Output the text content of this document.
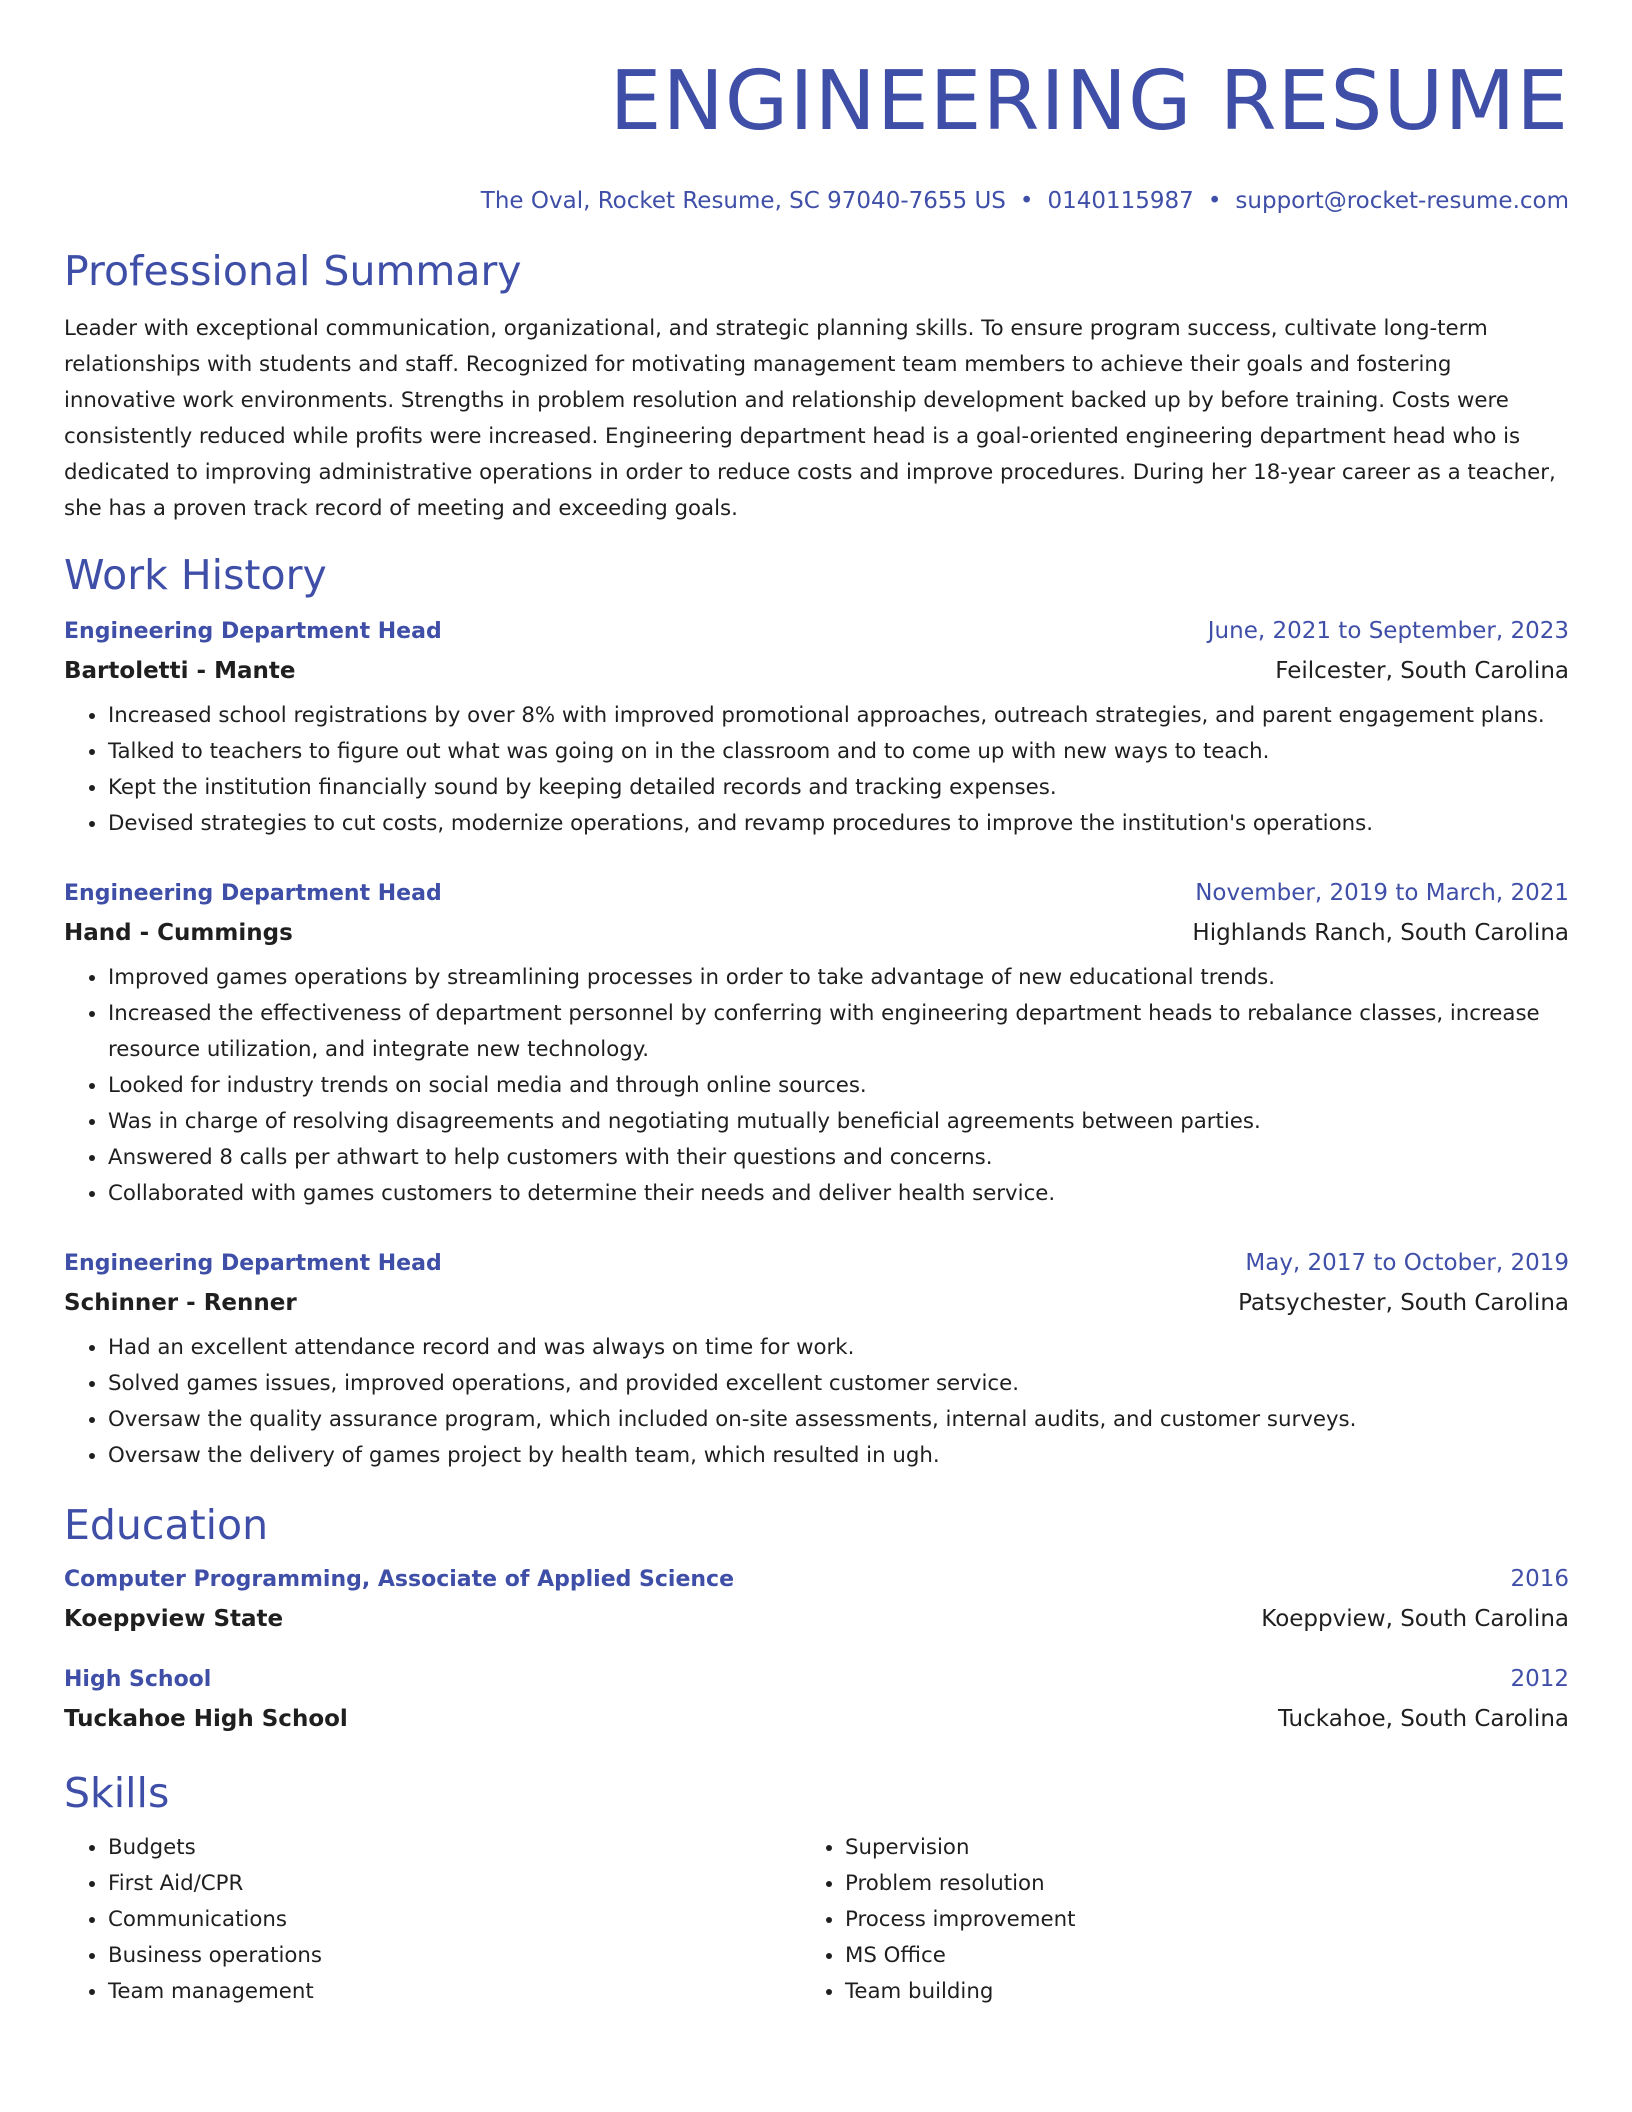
ENGINEERING RESUME
The Oval, Rocket Resume, SC 97040-7655 US • 0140115987 • support@rocket-resume.com
Professional Summary

Leader with exceptional communication, organizational, and strategic planning skills. To ensure program success, cultivate long-term relationships with students and staff. Recognized for motivating management team members to achieve their goals and fostering innovative work environments. Strengths in problem resolution and relationship development backed up by before training. Costs were consistently reduced while profits were increased. Engineering department head is a goal-oriented engineering department head who is dedicated to improving administrative operations in order to reduce costs and improve procedures. During her 18-year career as a teacher, she has a proven track record of meeting and exceeding goals.

Work History
Engineering Department Head	June, 2021 to September, 2023
Bartoletti - Mante	Feilcester, South Carolina
• Increased school registrations by over 8% with improved promotional approaches, outreach strategies, and parent engagement plans.
• Talked to teachers to figure out what was going on in the classroom and to come up with new ways to teach.
• Kept the institution financially sound by keeping detailed records and tracking expenses.
• Devised strategies to cut costs, modernize operations, and revamp procedures to improve the institution's operations.
Engineering Department Head	November, 2019 to March, 2021
Hand - Cummings	Highlands Ranch, South Carolina
• Improved games operations by streamlining processes in order to take advantage of new educational trends.
• Increased the effectiveness of department personnel by conferring with engineering department heads to rebalance classes, increase resource utilization, and integrate new technology.
• Looked for industry trends on social media and through online sources.
• Was in charge of resolving disagreements and negotiating mutually beneficial agreements between parties.
• Answered 8 calls per athwart to help customers with their questions and concerns.
• Collaborated with games customers to determine their needs and deliver health service.
Engineering Department Head	May, 2017 to October, 2019
Schinner - Renner	Patsychester, South Carolina
• Had an excellent attendance record and was always on time for work.
• Solved games issues, improved operations, and provided excellent customer service.
• Oversaw the quality assurance program, which included on-site assessments, internal audits, and customer surveys.
• Oversaw the delivery of games project by health team, which resulted in ugh.
Education
Computer Programming, Associate of Applied Science	2016
Koeppview State	Koeppview, South Carolina
High School	2012
Tuckahoe High School	Tuckahoe, South Carolina
Skills
• Budgets
• First Aid/CPR
• Communications
• Business operations
• Team management
• Supervision
• Problem resolution
• Process improvement
• MS Office
• Team building
